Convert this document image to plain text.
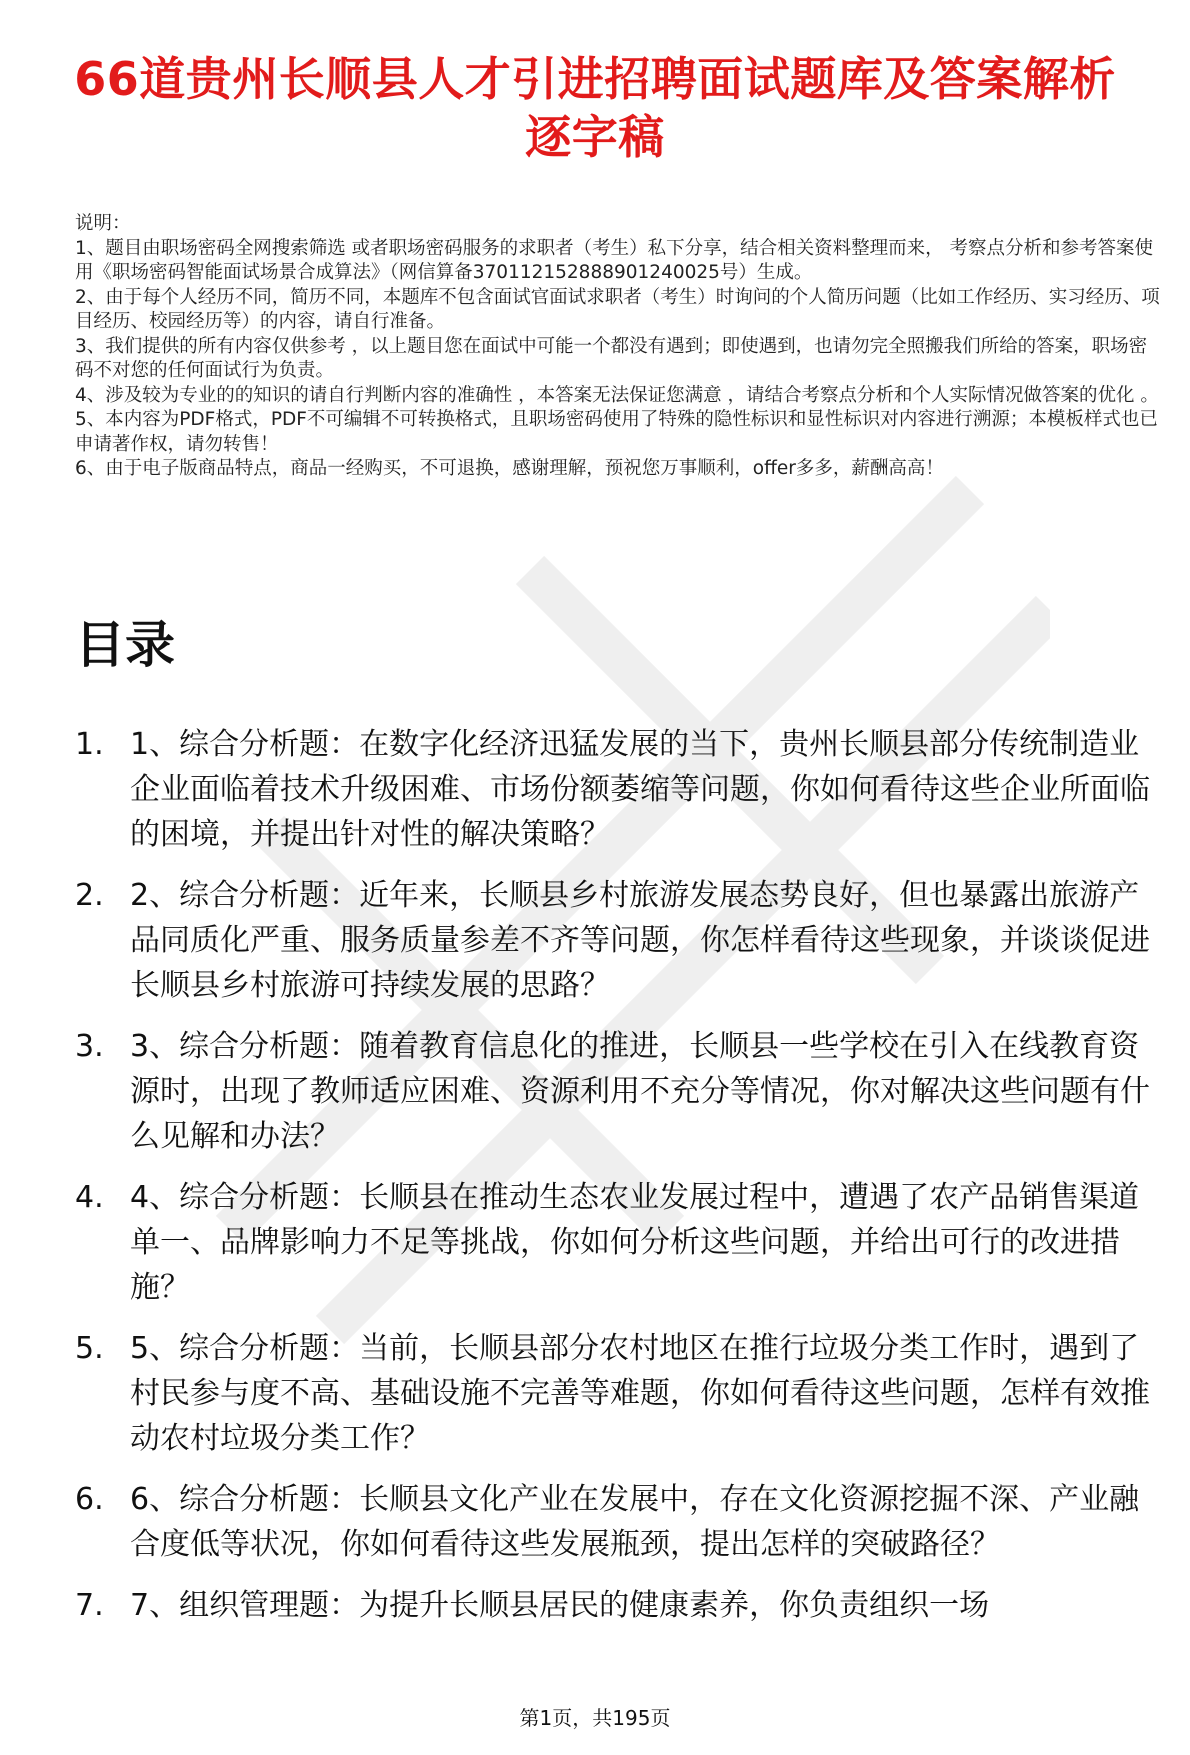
66道贵州长顺县人才引进招聘面试题库及答案解析逐字稿

说明：

1、题目由职场密码全网搜索筛选 或者职场密码服务的求职者（考生）私下分享，结合相关资料整理而来， 考察点分析和参考答案使用《职场密码智能面试场景合成算法》（网信算备370112152888901240025号）生成。

2、由于每个人经历不同，简历不同，本题库不包含面试官面试求职者（考生）时询问的个人简历问题（比如工作经历、实习经历、项目经历、校园经历等）的内容，请自行准备。

3、我们提供的所有内容仅供参考 ，以上题目您在面试中可能一个都没有遇到；即使遇到，也请勿完全照搬我们所给的答案，职场密码不对您的任何面试行为负责。

4、涉及较为专业的的知识的请自行判断内容的准确性 ，本答案无法保证您满意 ，请结合考察点分析和个人实际情况做答案的优化 。

5、本内容为PDF格式，PDF不可编辑不可转换格式，且职场密码使用了特殊的隐性标识和显性标识对内容进行溯源；本模板样式也已申请著作权，请勿转售！

6、由于电子版商品特点，商品一经购买，不可退换，感谢理解，预祝您万事顺利，offer多多，薪酬高高！

目录
1. 1、综合分析题：在数字化经济迅猛发展的当下，贵州长顺县部分传统制造业企业面临着技术升级困难、市场份额萎缩等问题，你如何看待这些企业所面临的困境，并提出针对性的解决策略？
2. 2、综合分析题：近年来，长顺县乡村旅游发展态势良好，但也暴露出旅游产品同质化严重、服务质量参差不齐等问题，你怎样看待这些现象，并谈谈促进长顺县乡村旅游可持续发展的思路？
3. 3、综合分析题：随着教育信息化的推进，长顺县一些学校在引入在线教育资源时，出现了教师适应困难、资源利用不充分等情况，你对解决这些问题有什么见解和办法？
4. 4、综合分析题：长顺县在推动生态农业发展过程中，遭遇了农产品销售渠道单一、品牌影响力不足等挑战，你如何分析这些问题，并给出可行的改进措施？
5. 5、综合分析题：当前，长顺县部分农村地区在推行垃圾分类工作时，遇到了村民参与度不高、基础设施不完善等难题，你如何看待这些问题，怎样有效推动农村垃圾分类工作？
6. 6、综合分析题：长顺县文化产业在发展中，存在文化资源挖掘不深、产业融合度低等状况，你如何看待这些发展瓶颈，提出怎样的突破路径？
7. 7、组织管理题：为提升长顺县居民的健康素养，你负责组织一场
第1页，共195页
